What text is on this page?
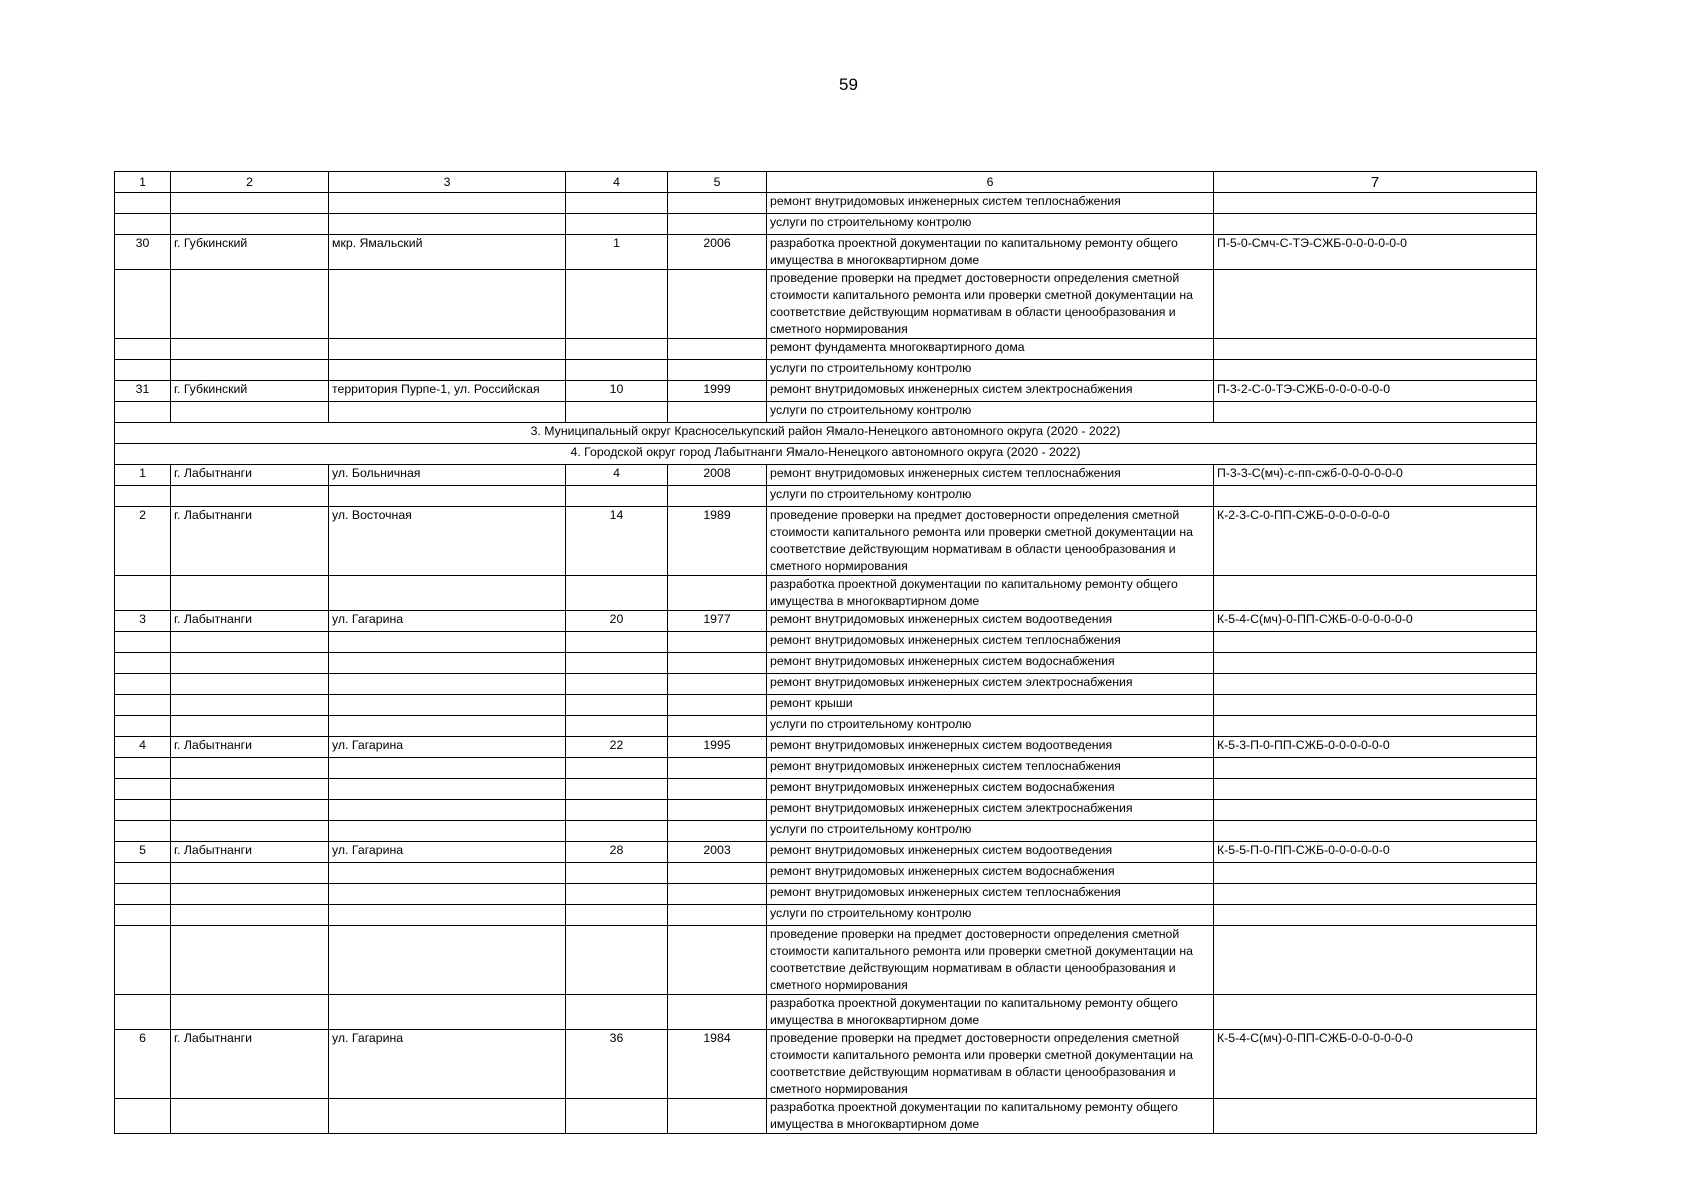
59
1	2	3	4	5	6	7
					ремонт внутридомовых инженерных систем теплоснабжения	
					услуги по строительному контролю	
30	г. Губкинский	мкр. Ямальский	1	2006	разработка проектной документации по капитальному ремонту общего имущества в многоквартирном доме	П-5-0-Смч-С-ТЭ-СЖБ-0-0-0-0-0-0
					проведение проверки на предмет достоверности определения сметной стоимости капитального ремонта или проверки сметной документации на соответствие действующим нормативам в области ценообразования и сметного нормирования	
					ремонт фундамента многоквартирного дома	
					услуги по строительному контролю	
31	г. Губкинский	территория Пурпе-1, ул. Российская	10	1999	ремонт внутридомовых инженерных систем электроснабжения	П-3-2-С-0-ТЭ-СЖБ-0-0-0-0-0-0
					услуги по строительному контролю	
3. Муниципальный округ Красноселькупский район Ямало-Ненецкого автономного округа (2020 - 2022)						
4. Городской округ город Лабытнанги Ямало-Ненецкого автономного округа (2020 - 2022)						
1	г. Лабытнанги	ул. Больничная	4	2008	ремонт внутридомовых инженерных систем теплоснабжения	П-3-3-С(мч)-с-пп-сжб-0-0-0-0-0-0
					услуги по строительному контролю	
2	г. Лабытнанги	ул. Восточная	14	1989	проведение проверки на предмет достоверности определения сметной стоимости капитального ремонта или проверки сметной документации на соответствие действующим нормативам в области ценообразования и сметного нормирования	К-2-3-С-0-ПП-СЖБ-0-0-0-0-0-0
					разработка проектной документации по капитальному ремонту общего имущества в многоквартирном доме	
3	г. Лабытнанги	ул. Гагарина	20	1977	ремонт внутридомовых инженерных систем водоотведения	К-5-4-С(мч)-0-ПП-СЖБ-0-0-0-0-0-0
					ремонт внутридомовых инженерных систем теплоснабжения	
					ремонт внутридомовых инженерных систем водоснабжения	
					ремонт внутридомовых инженерных систем электроснабжения	
					ремонт крыши	
					услуги по строительному контролю	
4	г. Лабытнанги	ул. Гагарина	22	1995	ремонт внутридомовых инженерных систем водоотведения	К-5-3-П-0-ПП-СЖБ-0-0-0-0-0-0
					ремонт внутридомовых инженерных систем теплоснабжения	
					ремонт внутридомовых инженерных систем водоснабжения	
					ремонт внутридомовых инженерных систем электроснабжения	
					услуги по строительному контролю	
5	г. Лабытнанги	ул. Гагарина	28	2003	ремонт внутридомовых инженерных систем водоотведения	К-5-5-П-0-ПП-СЖБ-0-0-0-0-0-0
					ремонт внутридомовых инженерных систем водоснабжения	
					ремонт внутридомовых инженерных систем теплоснабжения	
					услуги по строительному контролю	
					проведение проверки на предмет достоверности определения сметной стоимости капитального ремонта или проверки сметной документации на соответствие действующим нормативам в области ценообразования и сметного нормирования	
					разработка проектной документации по капитальному ремонту общего имущества в многоквартирном доме	
6	г. Лабытнанги	ул. Гагарина	36	1984	проведение проверки на предмет достоверности определения сметной стоимости капитального ремонта или проверки сметной документации на соответствие действующим нормативам в области ценообразования и сметного нормирования	К-5-4-С(мч)-0-ПП-СЖБ-0-0-0-0-0-0
					разработка проектной документации по капитальному ремонту общего имущества в многоквартирном доме	
